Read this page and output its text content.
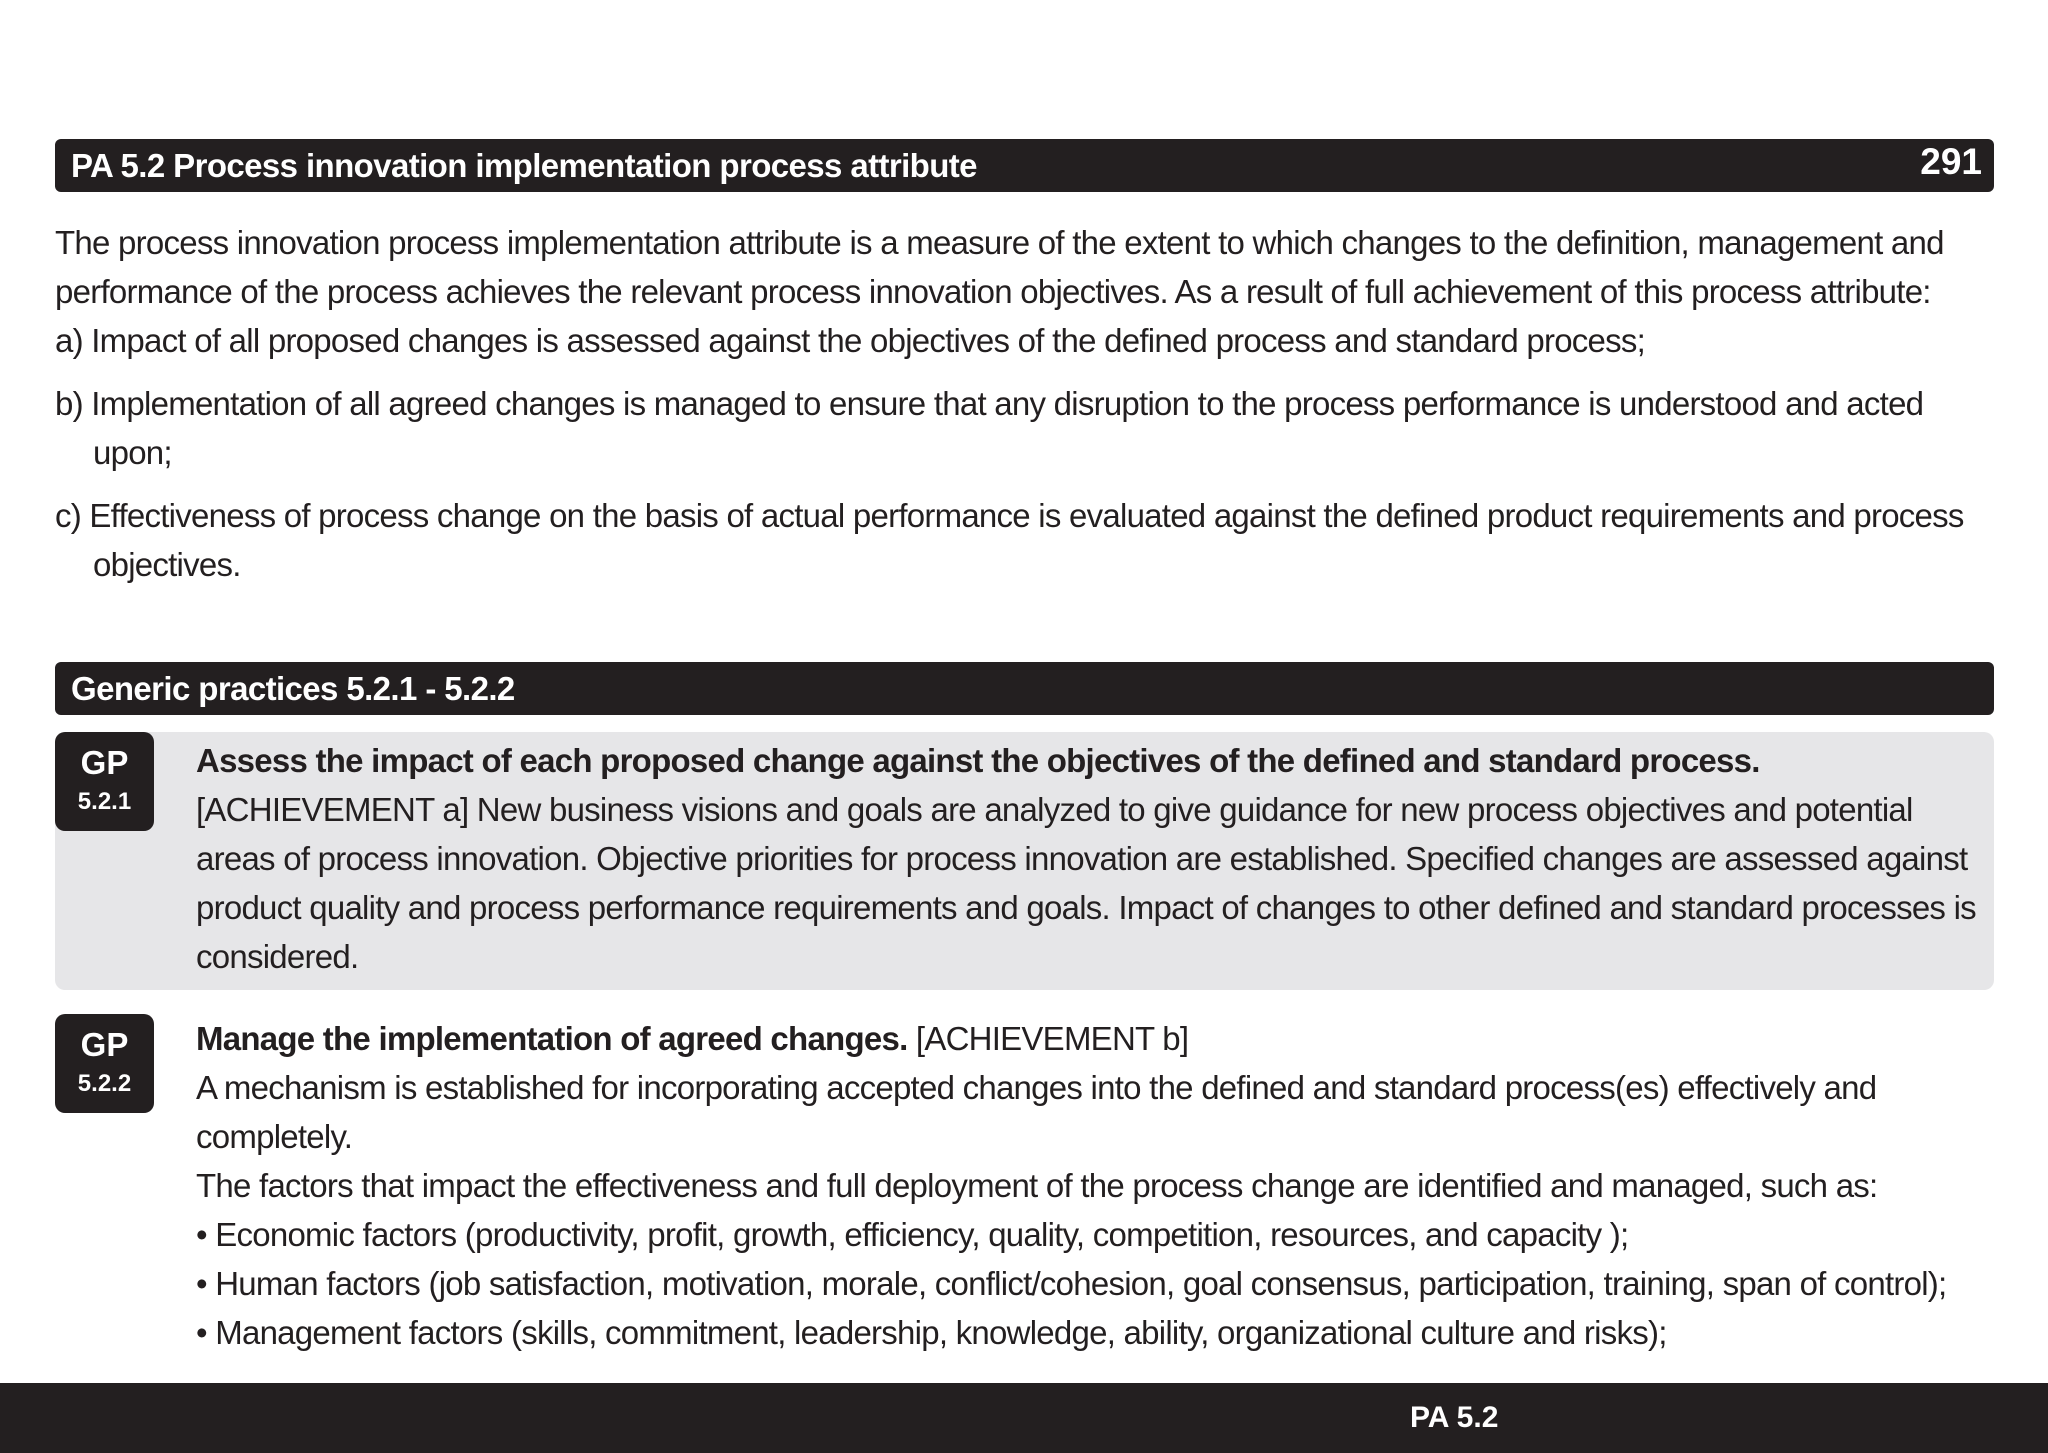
PA 5.2 Process innovation implementation process attribute	291

The process innovation process implementation attribute is a measure of the extent to which changes to the definition, management and performance of the process achieves the relevant process innovation objectives. As a result of full achievement of this process attribute:

a) Impact of all proposed changes is assessed against the objectives of the defined process and standard process;

b) Implementation of all agreed changes is managed to ensure that any disruption to the process performance is understood and acted upon;

c) Effectiveness of process change on the basis of actual performance is evaluated against the defined product requirements and process objectives.

Generic practices 5.2.1 - 5.2.2
GP
5.2.1

Assess the impact of each proposed change against the objectives of the defined and standard process.

[ACHIEVEMENT a] New business visions and goals are analyzed to give guidance for new process objectives and potential areas of process innovation. Objective priorities for process innovation are established. Specified changes are assessed against product quality and process performance requirements and goals. Impact of changes to other defined and standard processes is considered.

GP
5.2.2

Manage the implementation of agreed changes. [ACHIEVEMENT b]

A mechanism is established for incorporating accepted changes into the defined and standard process(es) effectively and completely.

The factors that impact the effectiveness and full deployment of the process change are identified and managed, such as:

• Economic factors (productivity, profit, growth, efficiency, quality, competition, resources, and capacity );

• Human factors (job satisfaction, motivation, morale, conflict/cohesion, goal consensus, participation, training, span of control);

• Management factors (skills, commitment, leadership, knowledge, ability, organizational culture and risks);

PA 5.2
